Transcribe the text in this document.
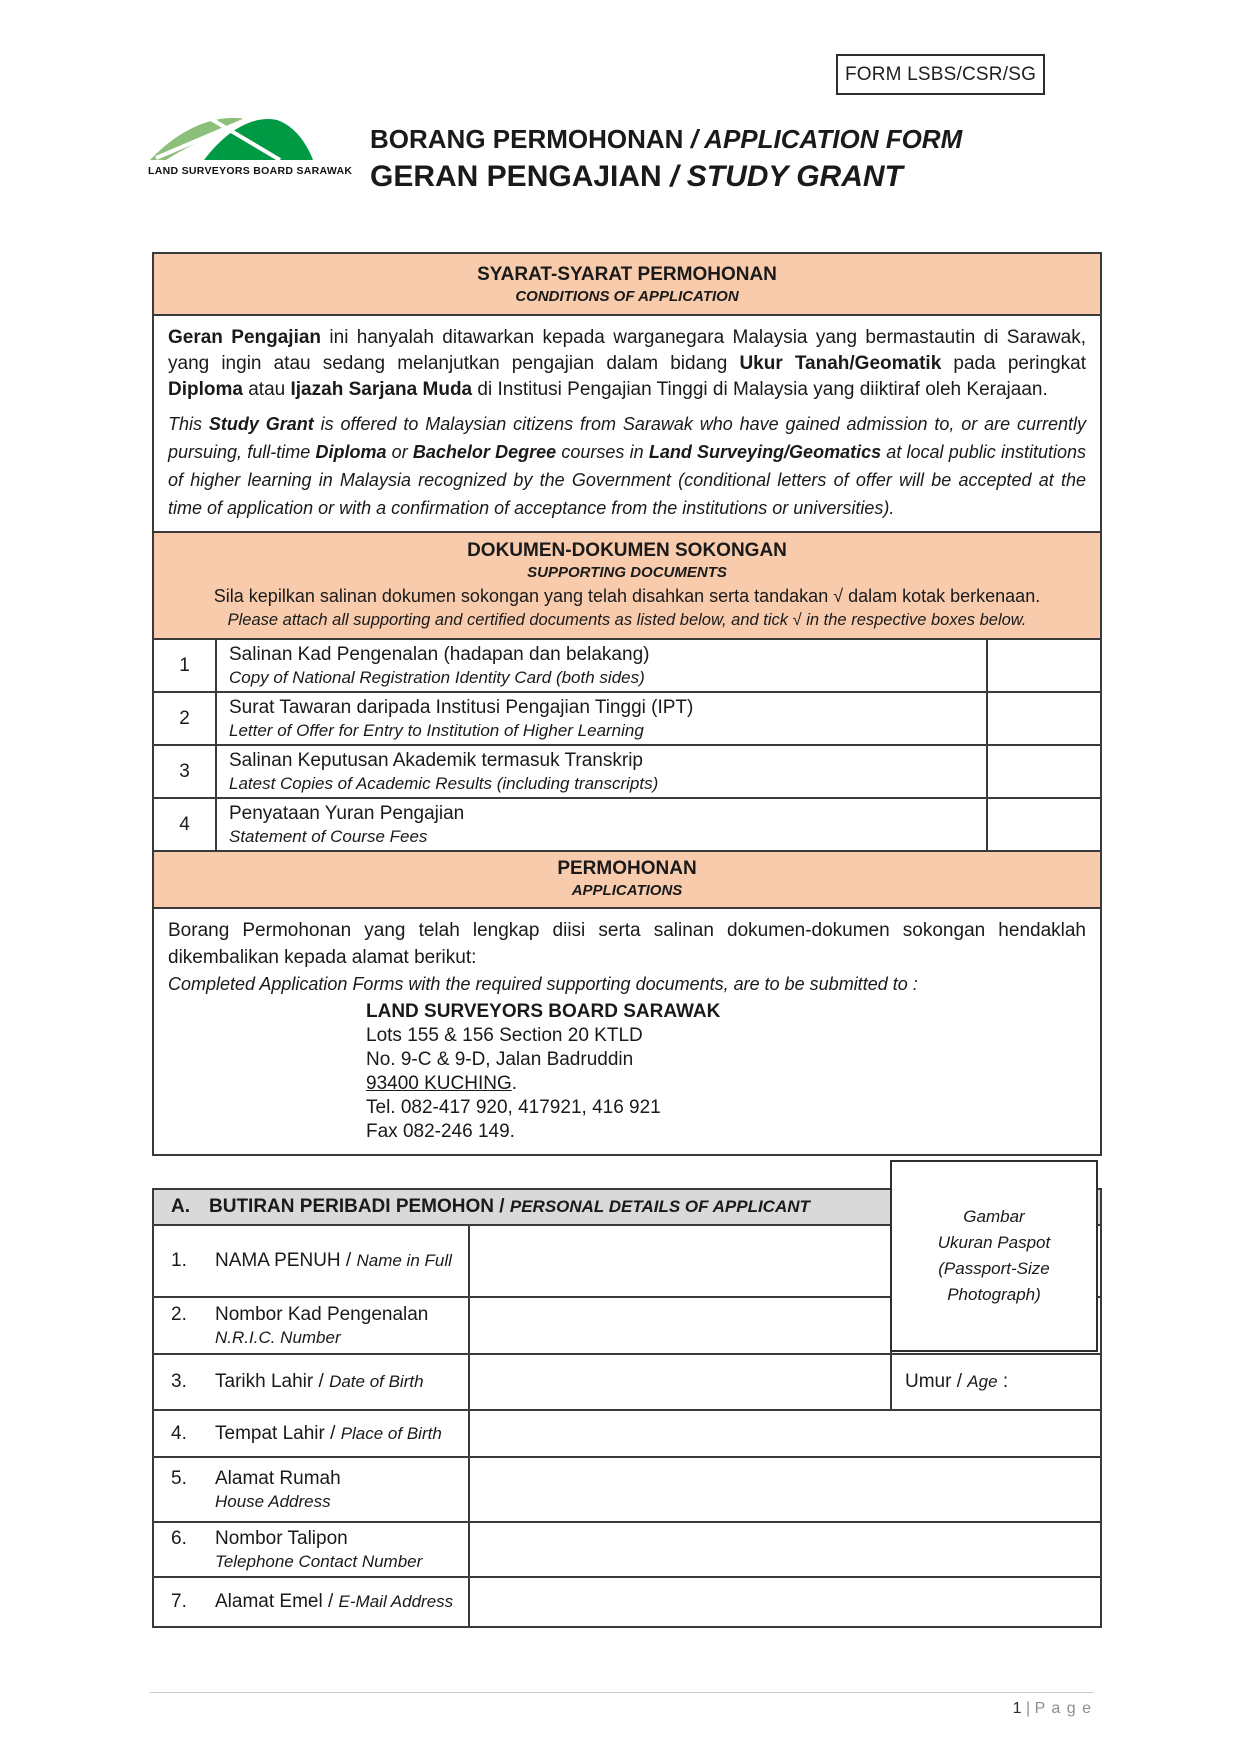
FORM LSBS/CSR/SG
LAND SURVEYORS BOARD SARAWAK
BORANG PERMOHONAN / APPLICATION FORM
GERAN PENGAJIAN / STUDY GRANT
SYARAT-SYARAT PERMOHONAN
CONDITIONS OF APPLICATION

Geran Pengajian ini hanyalah ditawarkan kepada warganegara Malaysia yang bermastautin di Sarawak, yang ingin atau sedang melanjutkan pengajian dalam bidang Ukur Tanah/Geomatik pada peringkat Diploma atau Ijazah Sarjana Muda di Institusi Pengajian Tinggi di Malaysia yang diiktiraf oleh Kerajaan.

This Study Grant is offered to Malaysian citizens from Sarawak who have gained admission to, or are currently pursuing, full-time Diploma or Bachelor Degree courses in Land Surveying/Geomatics at local public institutions of higher learning in Malaysia recognized by the Government (conditional letters of offer will be accepted at the time of application or with a confirmation of acceptance from the institutions or universities).

DOKUMEN-DOKUMEN SOKONGAN
SUPPORTING DOCUMENTS
Sila kepilkan salinan dokumen sokongan yang telah disahkan serta tandakan √ dalam kotak berkenaan.
Please attach all supporting and certified documents as listed below, and tick √ in the respective boxes below.
1	Salinan Kad Pengenalan (hadapan dan belakang)
Copy of National Registration Identity Card (both sides)
2	Surat Tawaran daripada Institusi Pengajian Tinggi (IPT)
Letter of Offer for Entry to Institution of Higher Learning
3	Salinan Keputusan Akademik termasuk Transkrip
Latest Copies of Academic Results (including transcripts)
4	Penyataan Yuran Pengajian
Statement of Course Fees
PERMOHONAN
APPLICATIONS

Borang Permohonan yang telah lengkap diisi serta salinan dokumen-dokumen sokongan hendaklah dikembalikan kepada alamat berikut:

Completed Application Forms with the required supporting documents, are to be submitted to :

LAND SURVEYORS BOARD SARAWAK
Lots 155 & 156 Section 20 KTLD
No. 9-C & 9-D, Jalan Badruddin
93400 KUCHING.
Tel. 082-417 920, 417921, 416 921
Fax 082-246 149.
A. BUTIRAN PERIBADI PEMOHON / PERSONAL DETAILS OF APPLICANT
1. NAMA PENUH / Name in Full
2. Nombor Kad Pengenalan
N.R.I.C. Number
3. Tarikh Lahir / Date of Birth	Umur / Age :
4. Tempat Lahir / Place of Birth
5. Alamat Rumah
House Address
6. Nombor Talipon
Telephone Contact Number
7. Alamat Emel / E-Mail Address
Gambar
Ukuran Paspot
(Passport-Size
Photograph)
1 | P a g e
